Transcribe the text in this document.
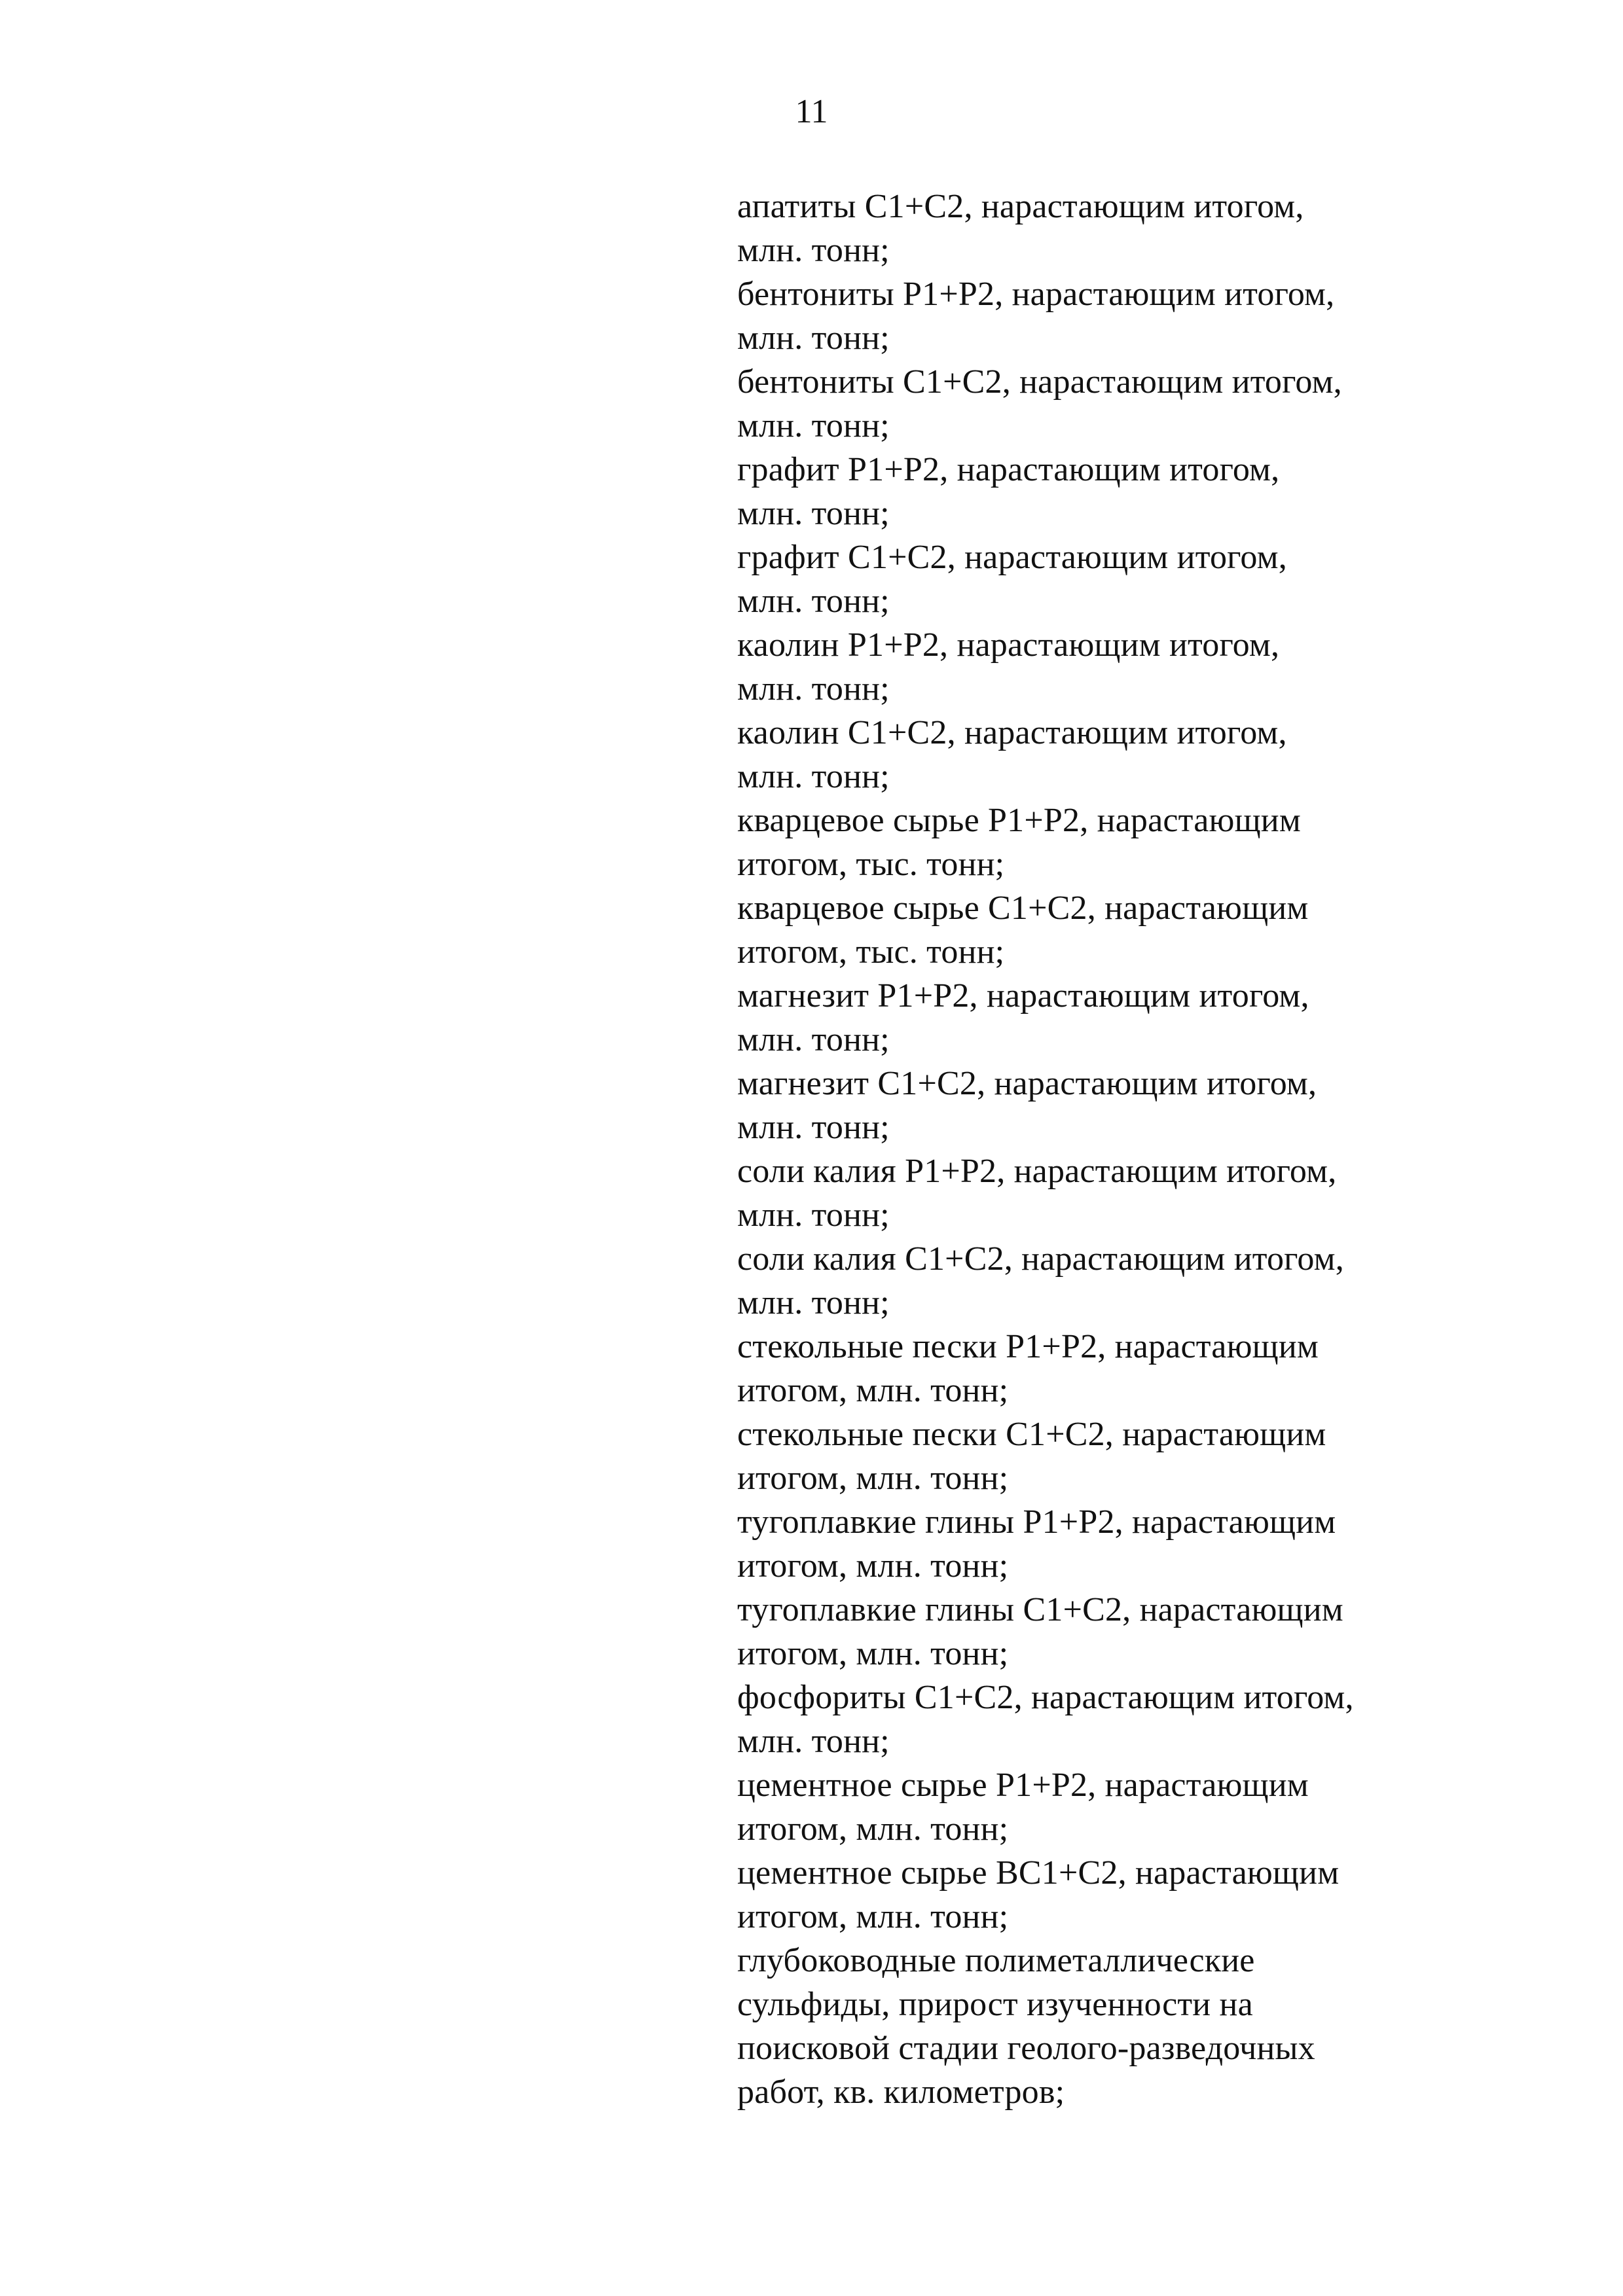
11
апатиты С1+С2, нарастающим итогом,
млн. тонн;
бентониты Р1+Р2, нарастающим итогом,
млн. тонн;
бентониты С1+С2, нарастающим итогом,
млн. тонн;
графит Р1+Р2, нарастающим итогом,
млн. тонн;
графит С1+С2, нарастающим итогом,
млн. тонн;
каолин Р1+Р2, нарастающим итогом,
млн. тонн;
каолин С1+С2, нарастающим итогом,
млн. тонн;
кварцевое сырье Р1+Р2, нарастающим
итогом, тыс. тонн;
кварцевое сырье С1+С2, нарастающим
итогом, тыс. тонн;
магнезит Р1+Р2, нарастающим итогом,
млн. тонн;
магнезит С1+С2, нарастающим итогом,
млн. тонн;
соли калия Р1+Р2, нарастающим итогом,
млн. тонн;
соли калия С1+С2, нарастающим итогом,
млн. тонн;
стекольные пески Р1+Р2, нарастающим
итогом, млн. тонн;
стекольные пески С1+С2, нарастающим
итогом, млн. тонн;
тугоплавкие глины Р1+Р2, нарастающим
итогом, млн. тонн;
тугоплавкие глины С1+С2, нарастающим
итогом, млн. тонн;
фосфориты С1+С2, нарастающим итогом,
млн. тонн;
цементное сырье Р1+Р2, нарастающим
итогом, млн. тонн;
цементное сырье ВС1+С2, нарастающим
итогом, млн. тонн;
глубоководные полиметаллические
сульфиды, прирост изученности на
поисковой стадии геолого-разведочных
работ, кв. километров;
